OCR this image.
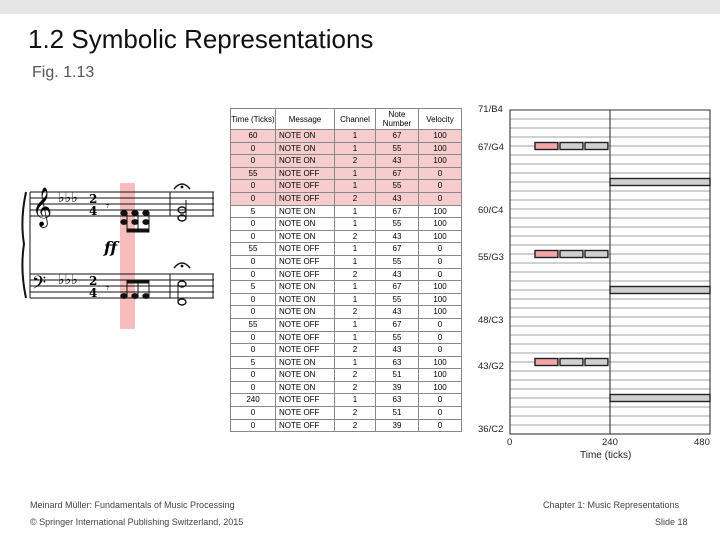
1.2 Symbolic Representations
Fig. 1.13
𝄞
𝄢
♭♭♭
♭♭♭
2
4
2
4
𝄾
𝄾
ff
Time (Ticks)	Message	Channel	Note Number	Velocity
60	NOTE ON	1	67	100
0	NOTE ON	1	55	100
0	NOTE ON	2	43	100
55	NOTE OFF	1	67	0
0	NOTE OFF	1	55	0
0	NOTE OFF	2	43	0
5	NOTE ON	1	67	100
0	NOTE ON	1	55	100
0	NOTE ON	2	43	100
55	NOTE OFF	1	67	0
0	NOTE OFF	1	55	0
0	NOTE OFF	2	43	0
5	NOTE ON	1	67	100
0	NOTE ON	1	55	100
0	NOTE ON	2	43	100
55	NOTE OFF	1	67	0
0	NOTE OFF	1	55	0
0	NOTE OFF	2	43	0
5	NOTE ON	1	63	100
0	NOTE ON	2	51	100
0	NOTE ON	2	39	100
240	NOTE OFF	1	63	0
0	NOTE OFF	2	51	0
0	NOTE OFF	2	39	0
71/B4
67/G4
60/C4
55/G3
48/C3
43/G2
36/C2
0	240	480
Time (ticks)
Meinard Müller: Fundamentals of Music Processing
© Springer International Publishing Switzerland, 2015
Chapter 1: Music Representations
Slide 18
